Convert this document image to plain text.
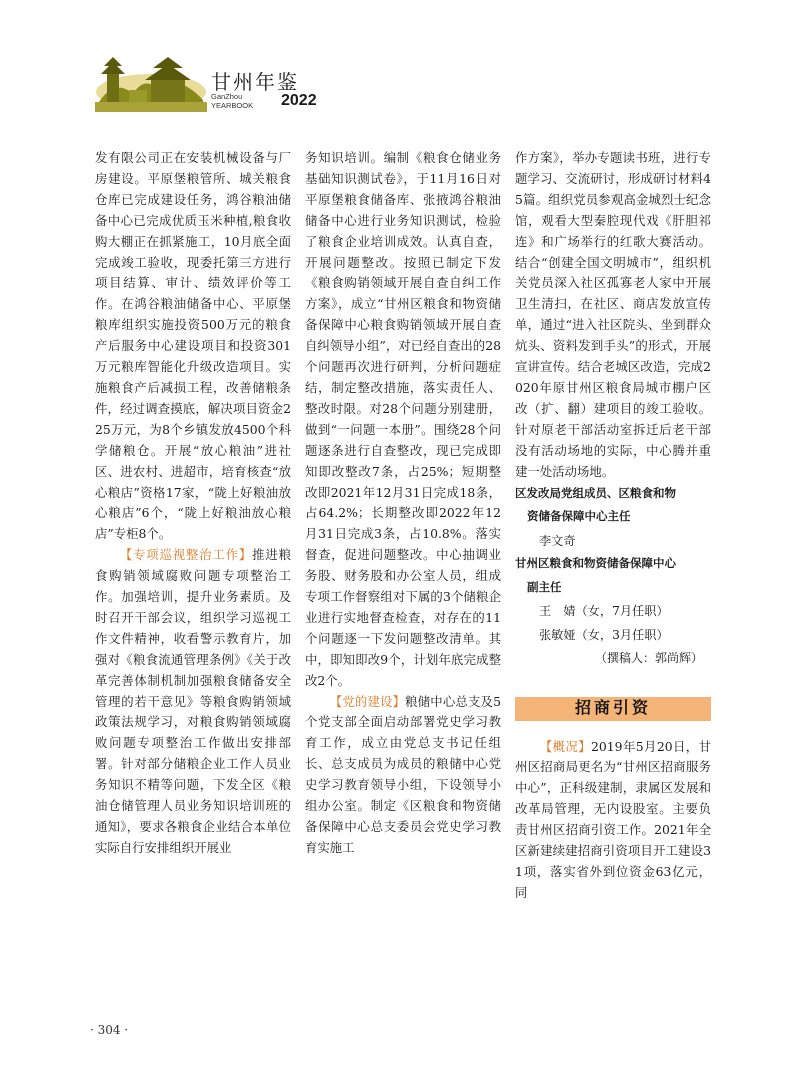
甘州年鉴
GanZhou
YEARBOOK 2022

发有限公司正在安装机械设备与厂房建设。平原堡粮管所、城关粮食仓库已完成建设任务，鸿谷粮油储备中心已完成优质玉米种植,粮食收购大棚正在抓紧施工，10月底全面完成竣工验收，现委托第三方进行项目结算、审计、绩效评价等工作。在鸿谷粮油储备中心、平原堡粮库组织实施投资500万元的粮食产后服务中心建设项目和投资301万元粮库智能化升级改造项目。实施粮食产后减损工程，改善储粮条件，经过调查摸底，解决项目资金225万元，为8个乡镇发放4500个科学储粮仓。开展“放心粮油”进社区、进农村、进超市，培育核查“放心粮店”资格17家，“陇上好粮油放心粮店”6个，“陇上好粮油放心粮店”专柜8个。

【专项巡视整治工作】推进粮食购销领域腐败问题专项整治工作。加强培训，提升业务素质。及时召开干部会议，组织学习巡视工作文件精神，收看警示教育片，加强对《粮食流通管理条例》《关于改革完善体制机制加强粮食储备安全管理的若干意见》等粮食购销领域政策法规学习，对粮食购销领域腐败问题专项整治工作做出安排部署。针对部分储粮企业工作人员业务知识不精等问题，下发全区《粮油仓储管理人员业务知识培训班的通知》，要求各粮食企业结合本单位实际自行安排组织开展业

务知识培训。编制《粮食仓储业务基础知识测试卷》，于11月16日对平原堡粮食储备库、张掖鸿谷粮油储备中心进行业务知识测试，检验了粮食企业培训成效。认真自查，开展问题整改。按照已制定下发《粮食购销领域开展自查自纠工作方案》，成立“甘州区粮食和物资储备保障中心粮食购销领域开展自查自纠领导小组”，对已经自查出的28个问题再次进行研判，分析问题症结，制定整改措施，落实责任人、整改时限。对28个问题分别建册，做到“一问题一本册”。围绕28个问题逐条进行自查整改，现已完成即知即改整改7条，占25%；短期整改即2021年12月31日完成18条，占64.2%；长期整改即2022年12月31日完成3条，占10.8%。落实督查，促进问题整改。中心抽调业务股、财务股和办公室人员，组成专项工作督察组对下属的3个储粮企业进行实地督查检查，对存在的11个问题逐一下发问题整改清单。其中，即知即改9个，计划年底完成整改2个。

【党的建设】粮储中心总支及5个党支部全面启动部署党史学习教育工作，成立由党总支书记任组长、总支成员为成员的粮储中心党史学习教育领导小组，下设领导小组办公室。制定《区粮食和物资储备保障中心总支委员会党史学习教育实施工

作方案》，举办专题读书班，进行专题学习、交流研讨，形成研讨材料45篇。组织党员参观高金城烈士纪念馆，观看大型秦腔现代戏《肝胆祁连》和广场举行的红歌大赛活动。结合“创建全国文明城市”，组织机关党员深入社区孤寡老人家中开展卫生清扫，在社区、商店发放宣传单，通过“进入社区院头、坐到群众炕头、资料发到手头”的形式，开展宣讲宣传。结合老城区改造，完成2020年原甘州区粮食局城市棚户区改（扩、翻）建项目的竣工验收。针对原老干部活动室拆迁后老干部没有活动场地的实际，中心腾并重建一处活动场地。

区发改局党组成员、区粮食和物

资储备保障中心主任

李文奇

甘州区粮食和物资储备保障中心

副主任

王　婧（女，7月任职）

张敏娅（女，3月任职）

（撰稿人：郭尚辉）

招商引资

【概况】2019年5月20日，甘州区招商局更名为“甘州区招商服务中心”，正科级建制，隶属区发展和改革局管理，无内设股室。主要负责甘州区招商引资工作。2021年全区新建续建招商引资项目开工建设31项，落实省外到位资金63亿元，同

· 304 ·
